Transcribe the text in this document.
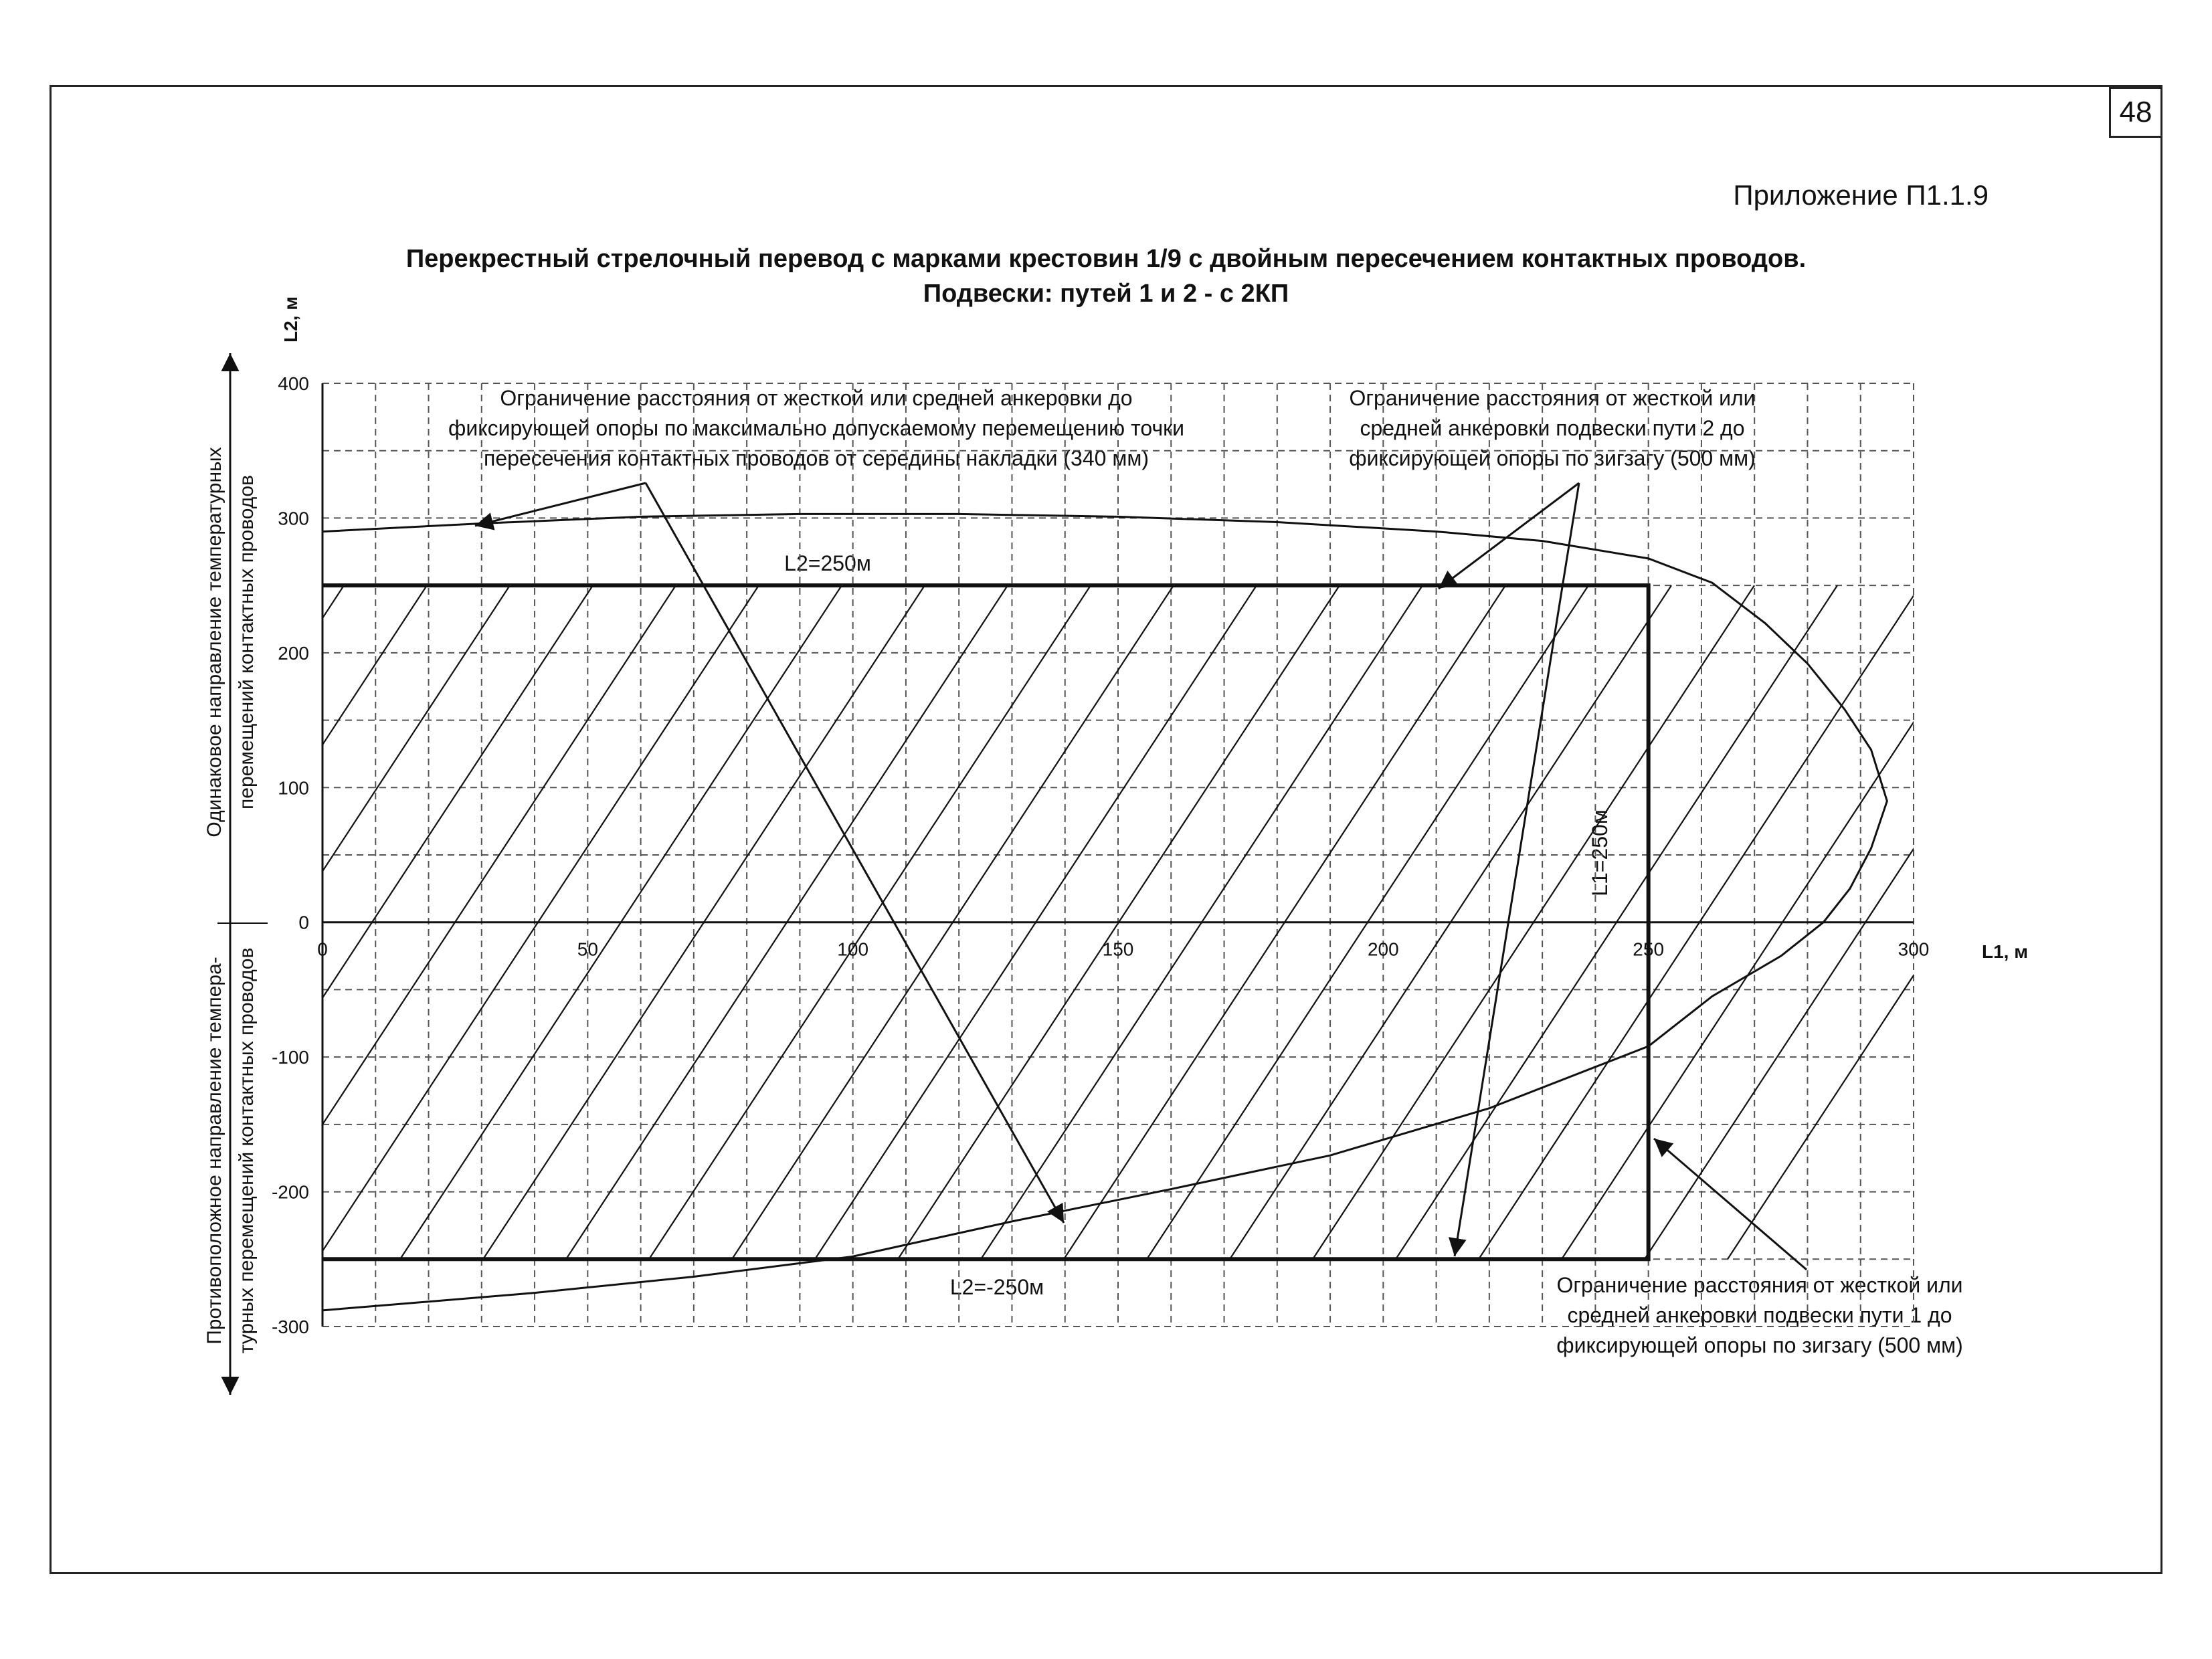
48
Приложение П1.1.9
Перекрестный стрелочный перевод с марками крестовин 1/9 с двойным пересечением контактных проводов.
Подвески: путей 1 и 2 - с 2КП
L1, м
L2, м
Одинаковое направление температурных перемещений контактных проводов
Противоположное направление темпера- турных перемещений контактных проводов
L2=250м
L2=-250м
L1=250м
Ограничение расстояния от жесткой или средней анкеровки до
фиксирующей опоры по максимально допускаемому перемещению точки
пересечения контактных проводов от середины накладки (340 мм)
Ограничение расстояния от жесткой или
средней анкеровки подвески пути 2 до
фиксирующей опоры по зигзагу (500 мм)
Ограничение расстояния от жесткой или
средней анкеровки подвески пути 1 до
фиксирующей опоры по зигзагу (500 мм)
0	50	100	150	200	250	300
400
300
200
100
0
-100
-200
-300
